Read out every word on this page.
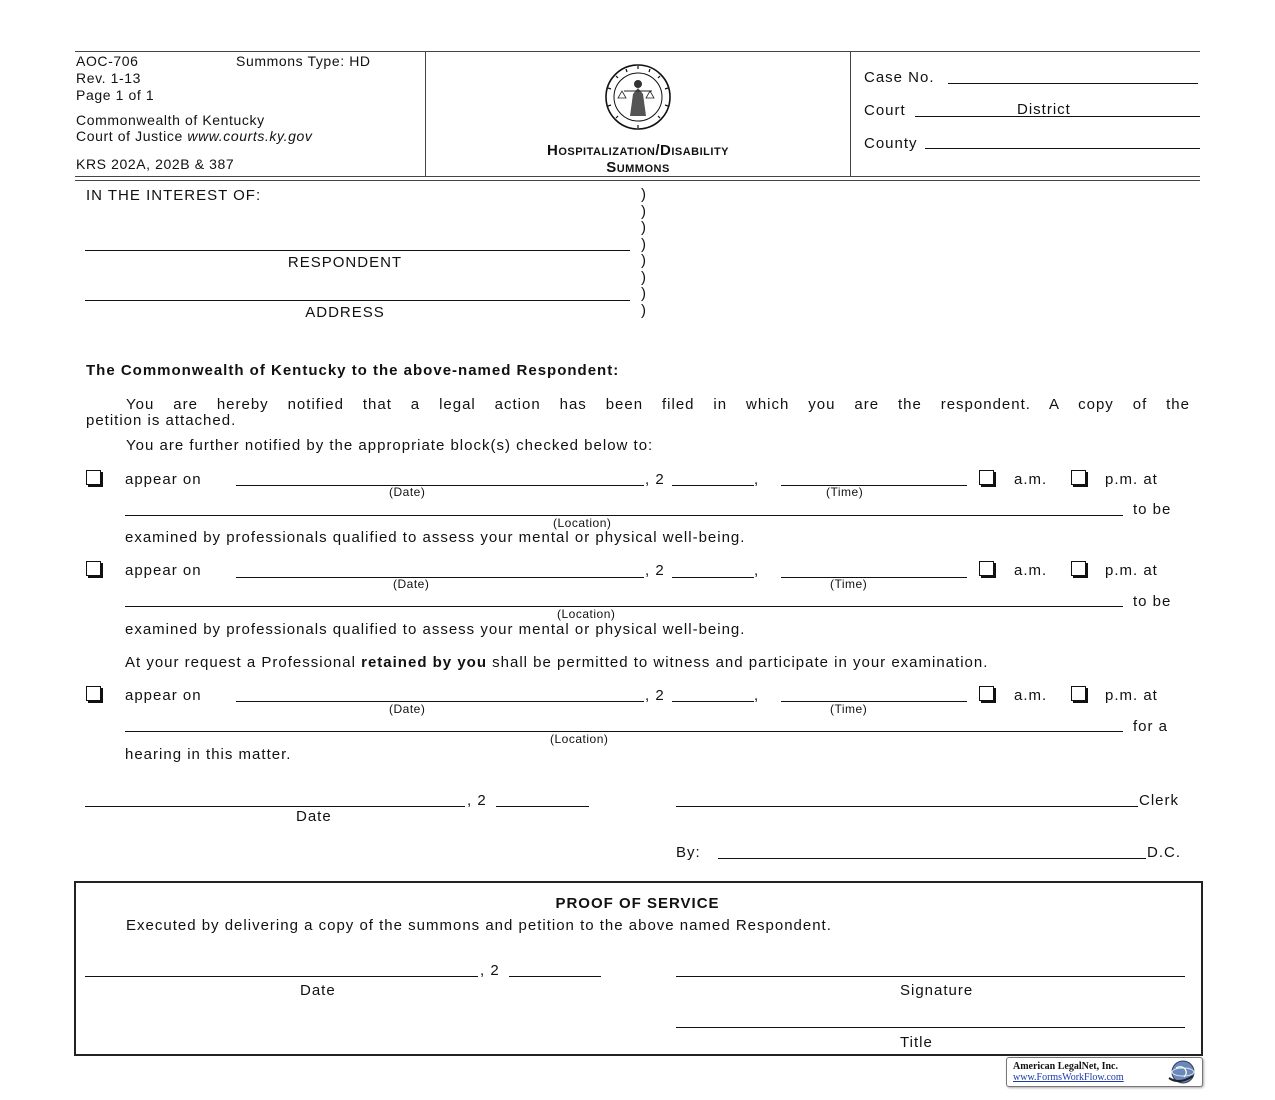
AOC-706	Summons Type: HD
Rev. 1-13
Page 1 of 1
Commonwealth of Kentucky
Court of Justice www.courts.ky.gov
KRS 202A, 202B & 387
Hospitalization/Disability
Summons
Case No.
Court	District
County
IN THE INTEREST OF:
RESPONDENT
ADDRESS
)
)
)
)
)
)
)
)
The Commonwealth of Kentucky to the above-named Respondent:
You are hereby notified that a legal action has been filed in which you are the respondent. A copy of the
petition is attached.
You are further notified by the appropriate block(s) checked below to:
appear on
(Date)
, 2	,
(Time)
a.m.	p.m. at
(Location)
to be
examined by professionals qualified to assess your mental or physical well-being.
appear on
(Date)
, 2	,
(Time)
a.m.	p.m. at
(Location)
to be
examined by professionals qualified to assess your mental or physical well-being.
At your request a Professional retained by you shall be permitted to witness and participate in your examination.
appear on
(Date)
, 2	,
(Time)
a.m.	p.m. at
(Location)
for a
hearing in this matter.
, 2
Date
Clerk
By:	D.C.
PROOF OF SERVICE
Executed by delivering a copy of the summons and petition to the above named Respondent.
, 2
Date	Signature
Title
American LegalNet, Inc.
www.FormsWorkFlow.com
